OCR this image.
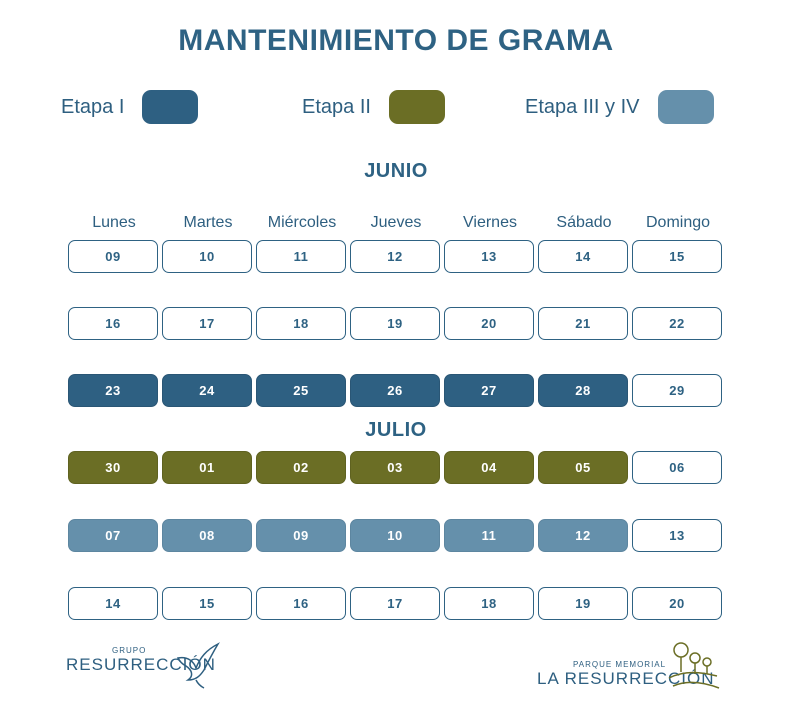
MANTENIMIENTO DE GRAMA
Etapa I	Etapa II	Etapa III y IV
JUNIO
JULIO
Lunes	Martes	Miércoles	Jueves	Viernes	Sábado	Domingo
09	10	11	12	13	14	15
16	17	18	19	20	21	22
23	24	25	26	27	28	29
30	01	02	03	04	05	06
07	08	09	10	11	12	13
14	15	16	17	18	19	20
GRUPO
RESURRECCIÓN	PARQUE MEMORIAL
LA RESURRECCIÓN
